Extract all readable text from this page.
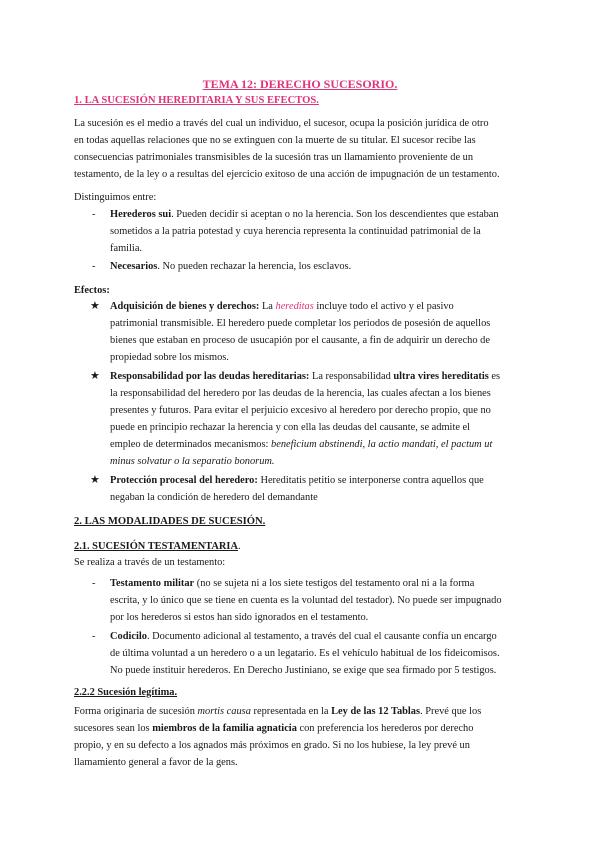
TEMA 12: DERECHO SUCESORIO.
1. LA SUCESIÓN HEREDITARIA Y SUS EFECTOS.
La sucesión es el medio a través del cual un individuo, el sucesor, ocupa la posición jurídica de otro
en todas aquellas relaciones que no se extinguen con la muerte de su titular. El sucesor recibe las
consecuencias patrimoniales transmisibles de la sucesión tras un llamamiento proveniente de un
testamento, de la ley o a resultas del ejercicio exitoso de una acción de impugnación de un testamento.
Distinguimos entre:
- Herederos sui. Pueden decidir si aceptan o no la herencia. Son los descendientes que estaban
sometidos a la patria potestad y cuya herencia representa la continuidad patrimonial de la
familia.
- Necesarios. No pueden rechazar la herencia, los esclavos.
Efectos:
★ Adquisición de bienes y derechos: La hereditas incluye todo el activo y el pasivo
patrimonial transmisible. El heredero puede completar los periodos de posesión de aquellos
bienes que estaban en proceso de usucapión por el causante, a fin de adquirir un derecho de
propiedad sobre los mismos.
★ Responsabilidad por las deudas hereditarias: La responsabilidad ultra vires hereditatis es
la responsabilidad del heredero por las deudas de la herencia, las cuales afectan a los bienes
presentes y futuros. Para evitar el perjuicio excesivo al heredero por derecho propio, que no
puede en principio rechazar la herencia y con ella las deudas del causante, se admite el
empleo de determinados mecanismos: beneficium abstinendi, la actio mandati, el pactum ut
minus solvatur o la separatio bonorum.
★ Protección procesal del heredero: Hereditatis petitio se interponerse contra aquellos que
negaban la condición de heredero del demandante
2. LAS MODALIDADES DE SUCESIÓN.
2.1. SUCESIÓN TESTAMENTARIA.
Se realiza a través de un testamento:
- Testamento militar (no se sujeta ni a los siete testigos del testamento oral ni a la forma
escrita, y lo único que se tiene en cuenta es la voluntad del testador). No puede ser impugnado
por los herederos si estos han sido ignorados en el testamento.
- Codicilo. Documento adicional al testamento, a través del cual el causante confía un encargo
de última voluntad a un heredero o a un legatario. Es el vehículo habitual de los fideicomisos.
No puede instituir herederos. En Derecho Justiniano, se exige que sea firmado por 5 testigos.
2.2.2 Sucesión legítima.
Forma originaria de sucesión mortis causa representada en la Ley de las 12 Tablas. Prevé que los
sucesores sean los miembros de la familia agnaticia con preferencia los herederos por derecho
propio, y en su defecto a los agnados más próximos en grado. Si no los hubiese, la ley prevé un
llamamiento general a favor de la gens.
